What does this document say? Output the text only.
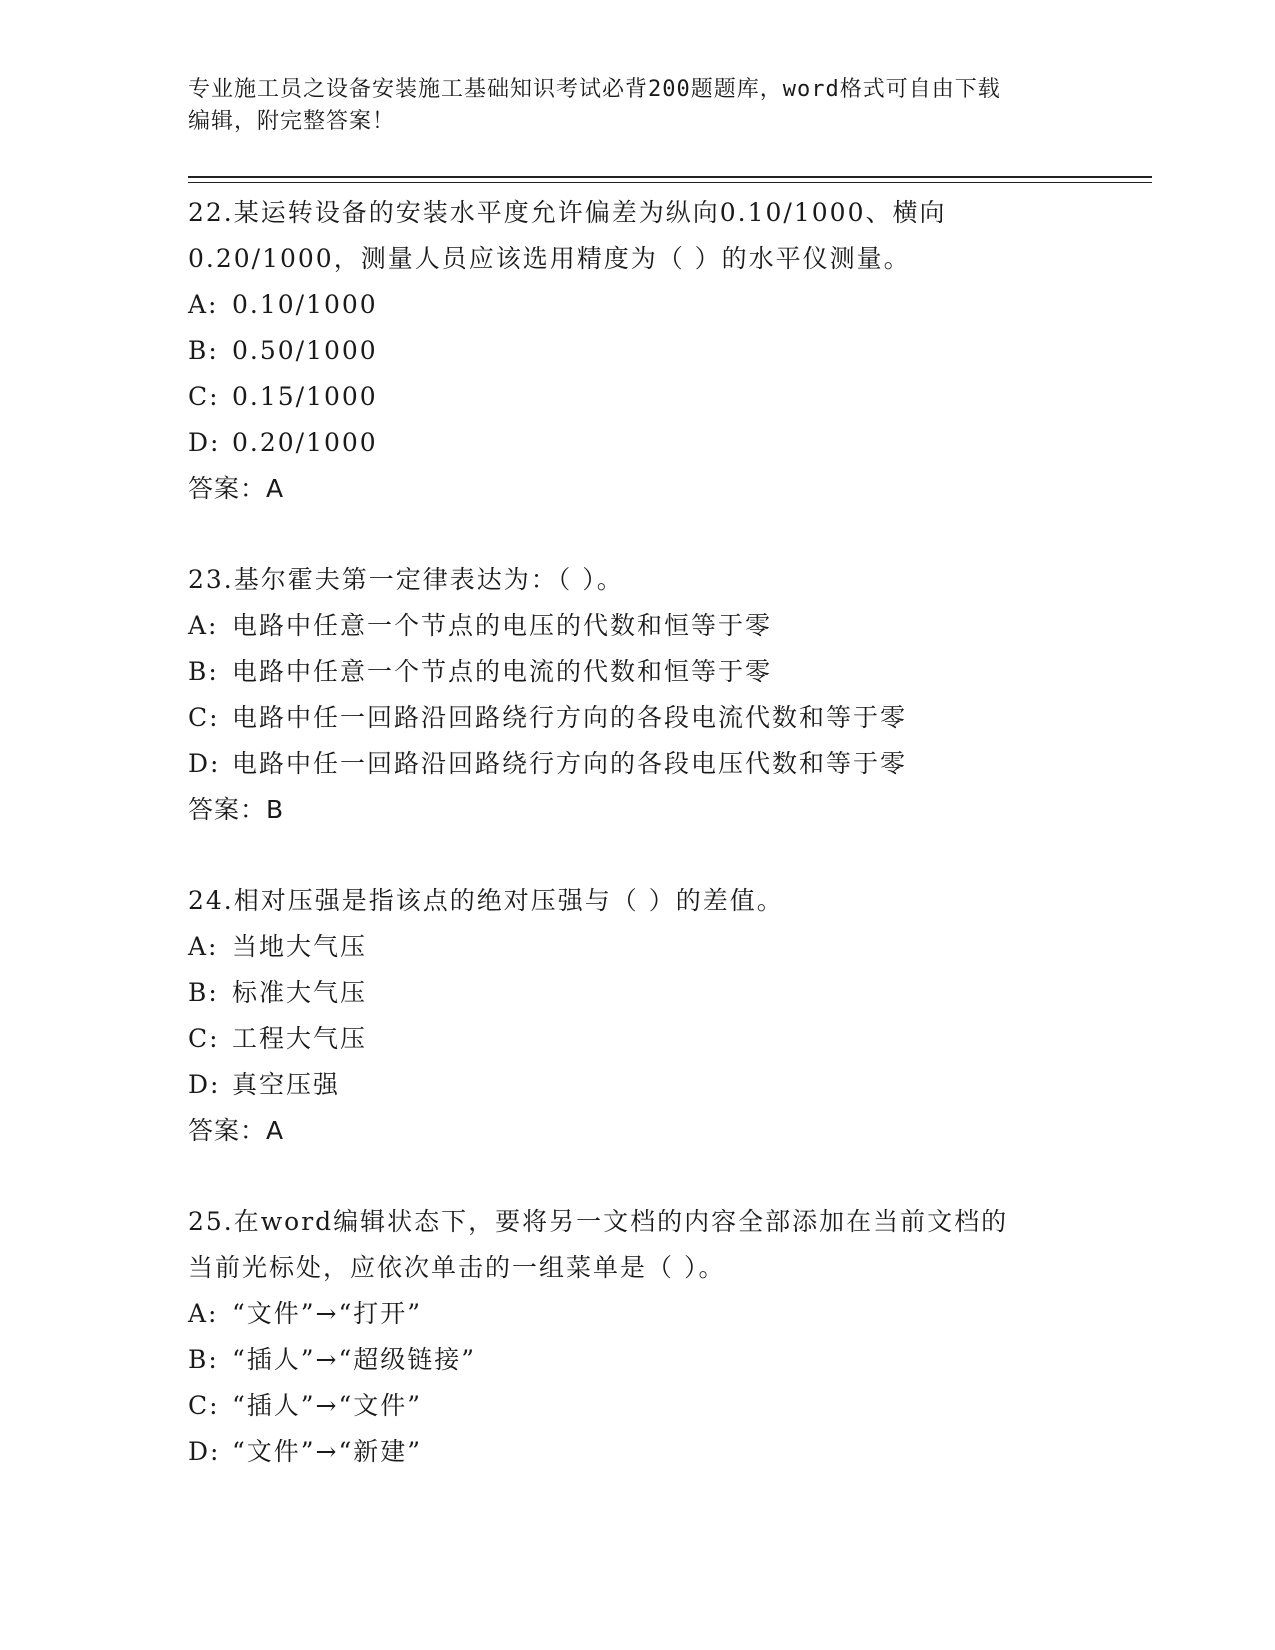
专业施工员之设备安装施工基础知识考试必背200题题库，word格式可自由下载
编辑，附完整答案！
22.某运转设备的安装水平度允许偏差为纵向0.10/1000、横向
0.20/1000，测量人员应该选用精度为（ ）的水平仪测量。
A: 0.10/1000
B: 0.50/1000
C: 0.15/1000
D: 0.20/1000
答案：A
23.基尔霍夫第一定律表达为：（ ）。
A: 电路中任意一个节点的电压的代数和恒等于零
B: 电路中任意一个节点的电流的代数和恒等于零
C: 电路中任一回路沿回路绕行方向的各段电流代数和等于零
D: 电路中任一回路沿回路绕行方向的各段电压代数和等于零
答案：B
24.相对压强是指该点的绝对压强与（ ）的差值。
A: 当地大气压
B: 标准大气压
C: 工程大气压
D: 真空压强
答案：A
25.在word编辑状态下，要将另一文档的内容全部添加在当前文档的
当前光标处，应依次单击的一组菜单是（ ）。
A: “文件”→“打开”
B: “插人”→“超级链接”
C: “插人”→“文件”
D: “文件”→“新建”
